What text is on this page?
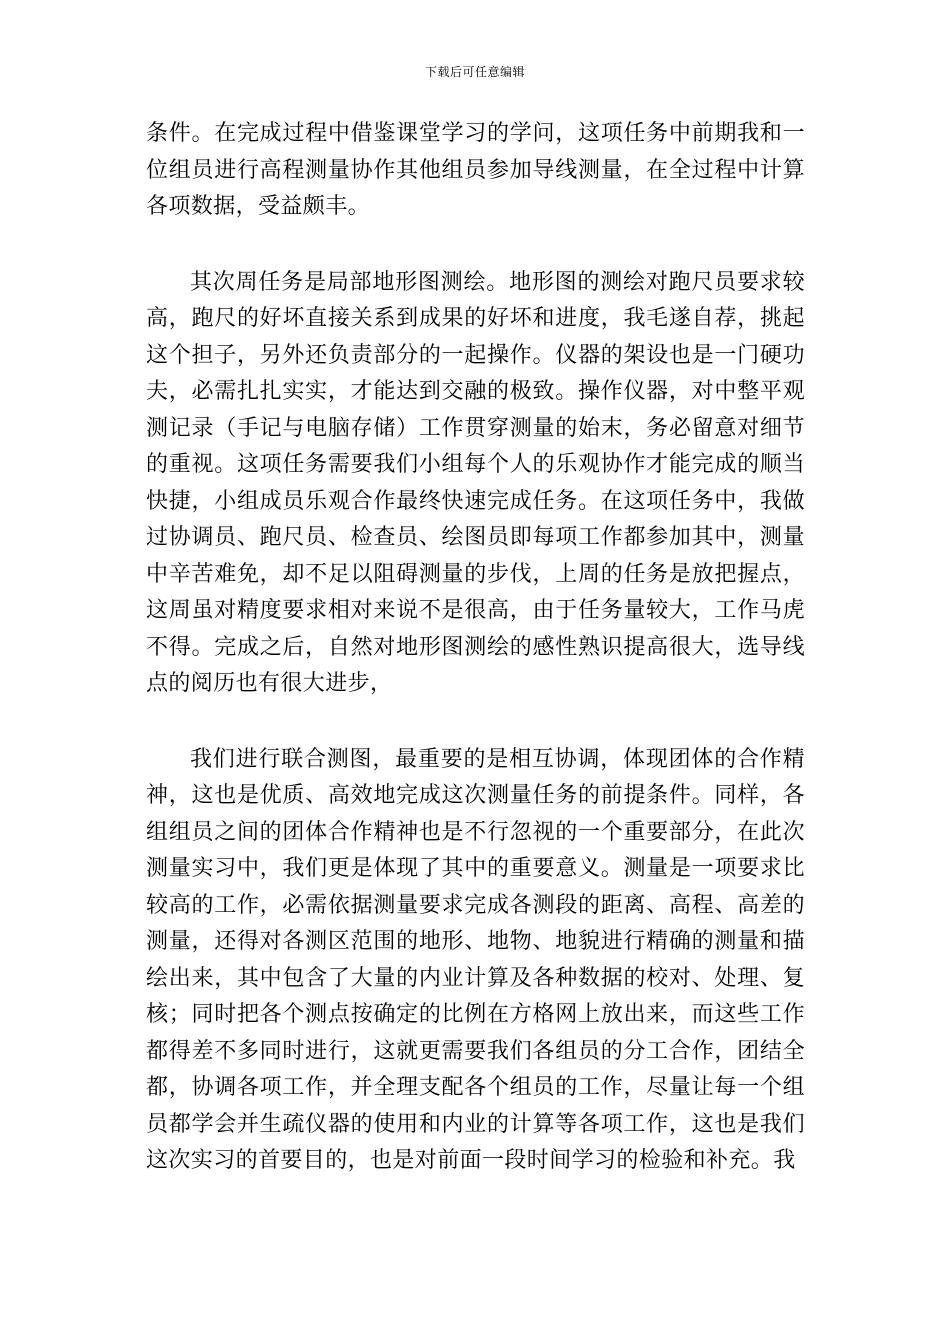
下载后可任意编辑

条件。在完成过程中借鉴课堂学习的学问，这项任务中前期我和一位组员进行高程测量协作其他组员参加导线测量，在全过程中计算各项数据，受益颇丰。

其次周任务是局部地形图测绘。地形图的测绘对跑尺员要求较高，跑尺的好坏直接关系到成果的好坏和进度，我毛遂自荐，挑起这个担子，另外还负责部分的一起操作。仪器的架设也是一门硬功夫，必需扎扎实实，才能达到交融的极致。操作仪器，对中整平观测记录（手记与电脑存储）工作贯穿测量的始末，务必留意对细节的重视。这项任务需要我们小组每个人的乐观协作才能完成的顺当快捷，小组成员乐观合作最终快速完成任务。在这项任务中，我做过协调员、跑尺员、检查员、绘图员即每项工作都参加其中，测量中辛苦难免，却不足以阻碍测量的步伐，上周的任务是放把握点，这周虽对精度要求相对来说不是很高，由于任务量较大，工作马虎不得。完成之后，自然对地形图测绘的感性熟识提高很大，选导线点的阅历也有很大进步，

我们进行联合测图，最重要的是相互协调，体现团体的合作精神，这也是优质、高效地完成这次测量任务的前提条件。同样，各组组员之间的团体合作精神也是不行忽视的一个重要部分，在此次测量实习中，我们更是体现了其中的重要意义。测量是一项要求比较高的工作，必需依据测量要求完成各测段的距离、高程、高差的测量，还得对各测区范围的地形、地物、地貌进行精确的测量和描绘出来，其中包含了大量的内业计算及各种数据的校对、处理、复核；同时把各个测点按确定的比例在方格网上放出来，而这些工作都得差不多同时进行，这就更需要我们各组员的分工合作，团结全都，协调各项工作，并全理支配各个组员的工作，尽量让每一个组员都学会并生疏仪器的使用和内业的计算等各项工作，这也是我们这次实习的首要目的，也是对前面一段时间学习的检验和补充。我
